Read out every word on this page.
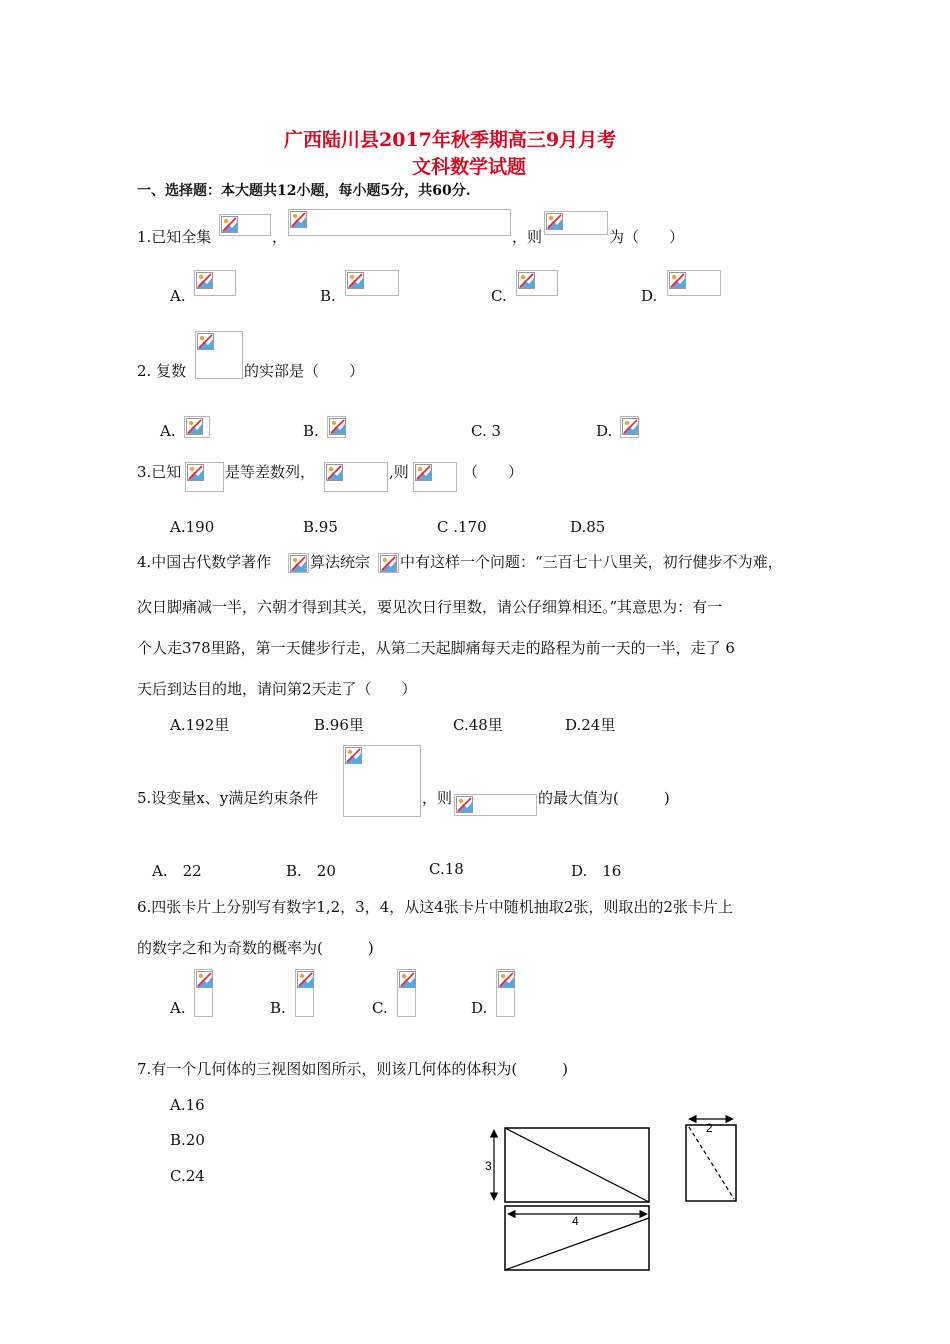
广西陆川县2017年秋季期高三9月月考
文科数学试题
一、选择题：本大题共12小题，每小题5分，共60分.
1.已知全集	，	，则	为（　　）
A.	B.	C.	D.
2. 复数	的实部是（　　）
A.	B.	C. 3	D.
3.已知	是等差数列，	,则	（　　）
A.190	B.95	C .170	D.85
4.中国古代数学著作	算法统宗 中有这样一个问题：“三百七十八里关，初行健步不为难，
次日脚痛减一半，六朝才得到其关，要见次日行里数，请公仔细算相还。”其意思为：有一
个人走378里路，第一天健步行走，从第二天起脚痛每天走的路程为前一天的一半，走了 6
天后到达目的地，请问第2天走了（　　）
A.192里	B.96里	C.48里	D.24里
5.设变量x、y满足约束条件	，则	的最大值为(　　　)
A.　22	B.　20	C.18	D.　16
6.四张卡片上分别写有数字1,2，3，4，从这4张卡片中随机抽取2张，则取出的2张卡片上
的数字之和为奇数的概率为(　　　)
A.	B.	C.	D.
7.有一个几何体的三视图如图所示，则该几何体的体积为(　　　)
A.16
B.20
C.24
3
4
2
